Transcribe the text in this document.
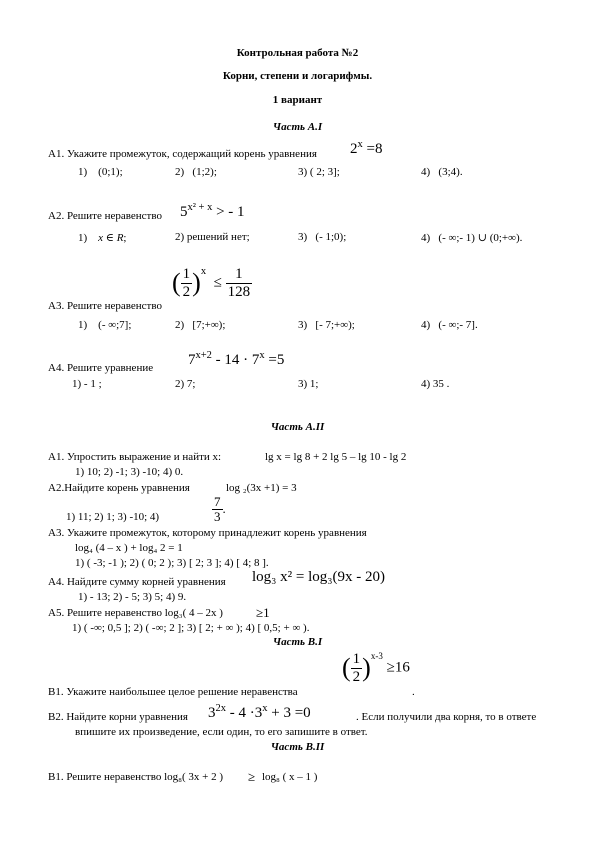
Контрольная работа №2
Корни, степени и логарифмы.
1 вариант
Часть А.I
А1. Укажите промежуток, содержащий корень уравнения $2^x =8$
1) (0;1);	2) (1;2);	3) ( 2; 3];	4) (3;4).
А2. Решите неравенство $5^{x^2 + x}$ > - 1
1) x ∈ R;	2) решений нет;	3) (- 1;0);	4) (- ∞;- 1) ∪ (0;+∞).
А3. Решите неравенство
( $\frac{1}{2} )^x \le \frac{1}{128}$
1) (- ∞;7];	2) [7;+∞);	3) [- 7;+∞);	4) (- ∞;- 7].
А4. Решите уравнение $7^{x+2} - 14 \cdot 7^x =5$
1) - 1 ;	2) 7;	3) 1;	4) 35 .
Часть А.II
А1. Упростить выражение и найти х:	lg x = lg 8 + 2 lg 5 – lg 10 - lg 2
1) 10; 2) -1; 3) -10; 4) 0.
А2.Найдите корень уравнения	log ₂(3x +1) = 3
1) 11; 2) 1; 3) -10; 4)	$\frac{7}{3}$ .
А3. Укажите промежуток, которому принадлежит корень уравнения
log₄ (4 – x ) + log₄ 2 = 1
1) ( -3; -1 ); 2) ( 0; 2 ); 3) [ 2; 3 ]; 4) [ 4; 8 ].
А4. Найдите сумму корней уравнения log₃ x² = log₃(9x - 20)
1) - 13; 2) - 5; 3) 5; 4) 9.
А5. Решите неравенство log₃( 4 – 2x )	≥1
1) ( -∞; 0,5 ]; 2) ( -∞; 2 ]; 3) [ 2; + ∞ ); 4) [ 0,5; + ∞ ).
Часть В.I
В1. Укажите наибольшее целое решение неравенства
( $\frac{1}{2} )^{x-3} \ge 16$
.
В2. Найдите корни уравнения $3^{2x} - 4 \cdot 3^x + 3 =0$	. Если получили два корня, то в ответе
впишите их произведение, если один, то его запишите в ответ.
Часть В.II
В1. Решите неравенство log₈( 3x + 2 ) ≥ log₈ ( x – 1 )
